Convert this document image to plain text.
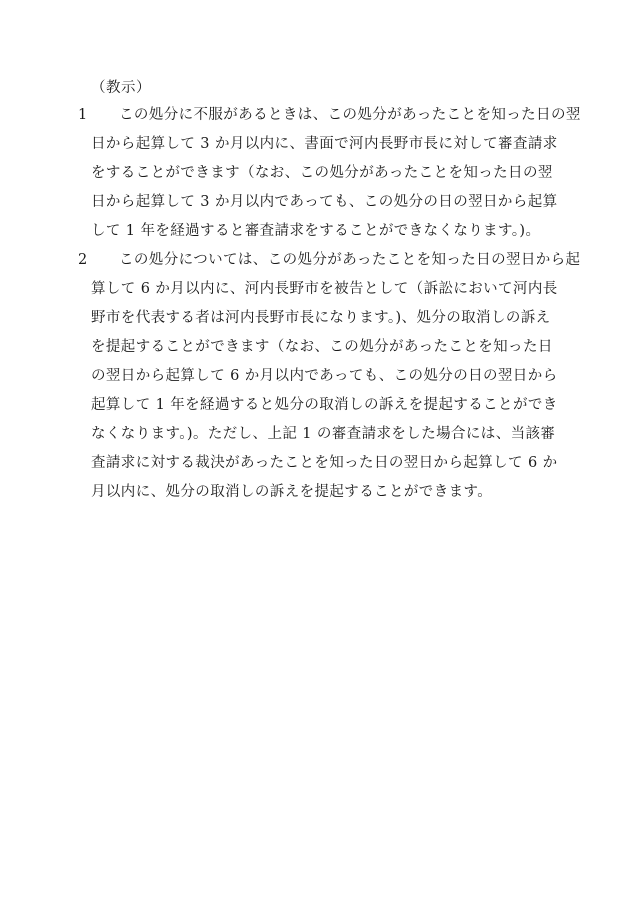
（教示）
1 この処分に不服があるときは、この処分があったことを知った日の翌
日から起算して 3 か月以内に、書面で河内長野市長に対して審査請求
をすることができます（なお、この処分があったことを知った日の翌
日から起算して 3 か月以内であっても、この処分の日の翌日から起算
して 1 年を経過すると審査請求をすることができなくなります。)。
2 この処分については、この処分があったことを知った日の翌日から起
算して 6 か月以内に、河内長野市を被告として（訴訟において河内長
野市を代表する者は河内長野市長になります。)、処分の取消しの訴え
を提起することができます（なお、この処分があったことを知った日
の翌日から起算して 6 か月以内であっても、この処分の日の翌日から
起算して 1 年を経過すると処分の取消しの訴えを提起することができ
なくなります。)。ただし、上記 1 の審査請求をした場合には、当該審
査請求に対する裁決があったことを知った日の翌日から起算して 6 か
月以内に、処分の取消しの訴えを提起することができます。
